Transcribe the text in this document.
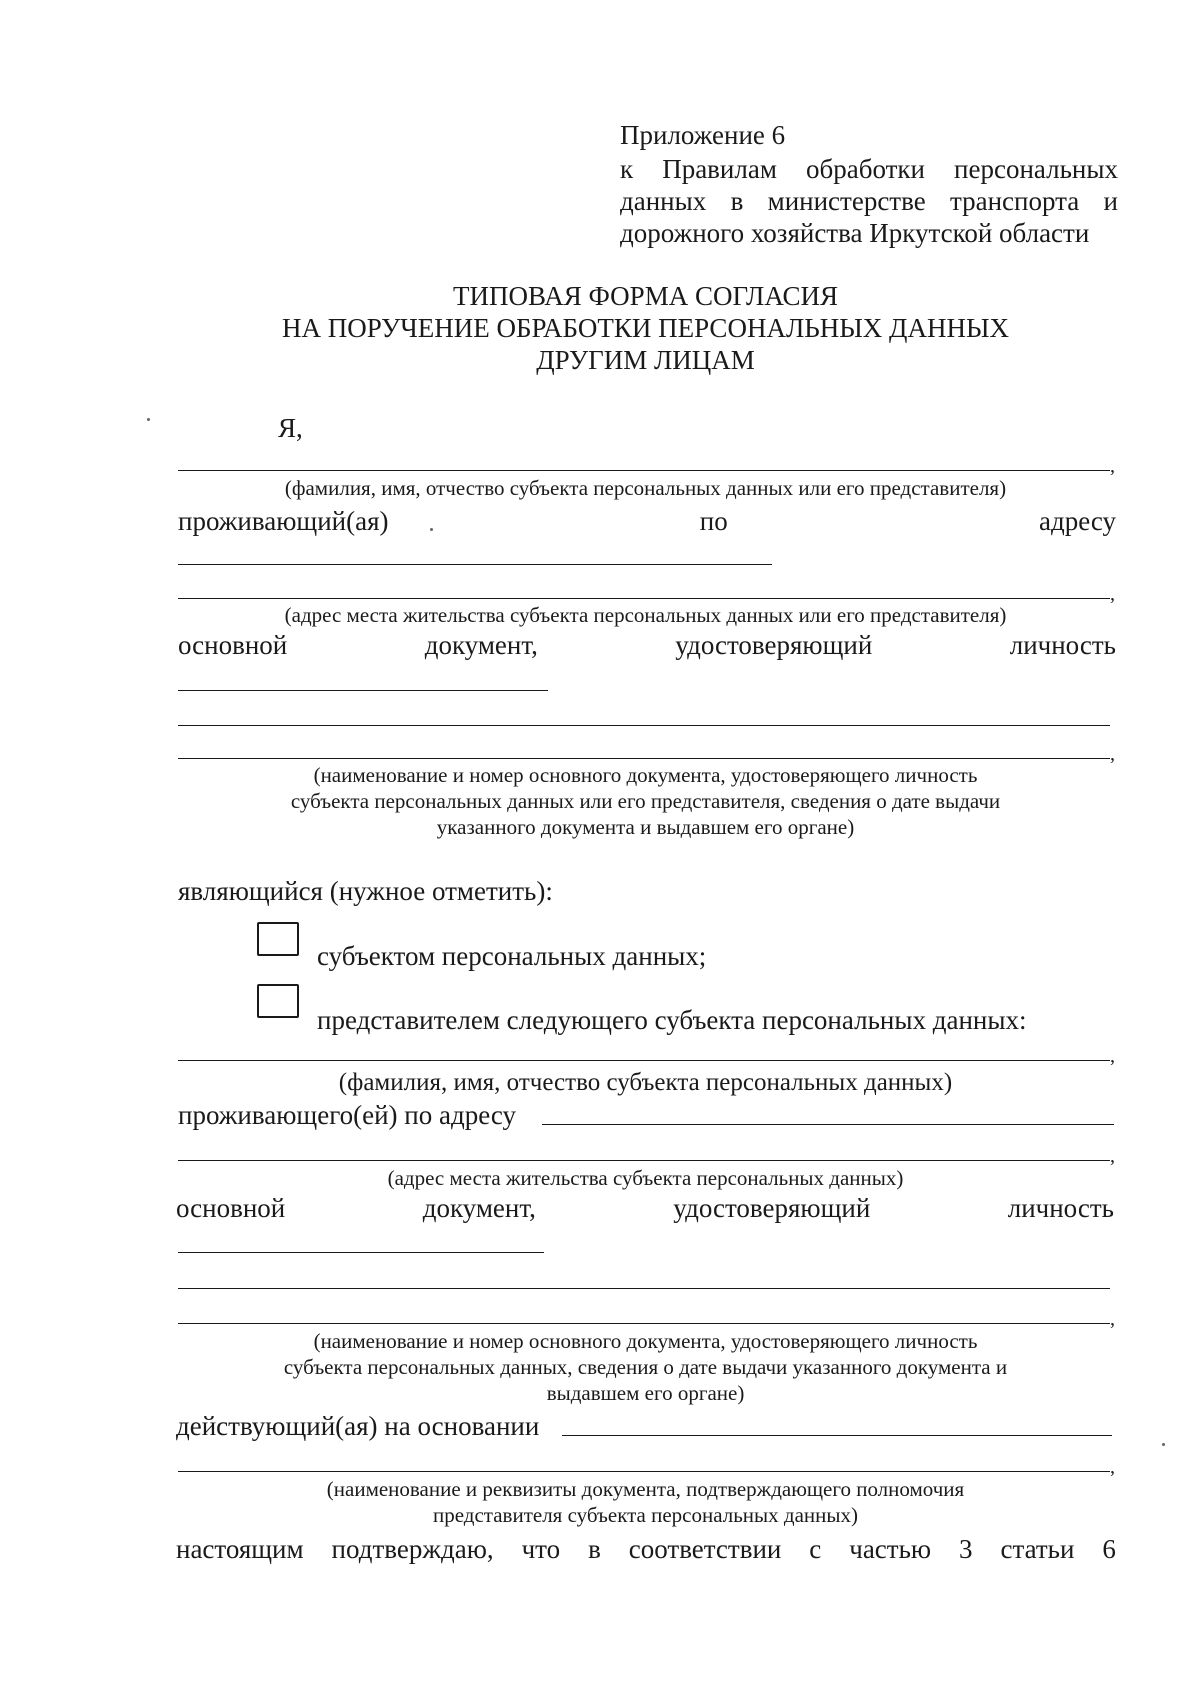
Приложение 6
к Правилам обработки персональных
данных в министерстве транспорта и
дорожного хозяйства Иркутской области
ТИПОВАЯ ФОРМА СОГЛАСИЯ
НА ПОРУЧЕНИЕ ОБРАБОТКИ ПЕРСОНАЛЬНЫХ ДАННЫХ
ДРУГИМ ЛИЦАМ
Я,
,
(фамилия, имя, отчество субъекта персональных данных или его представителя)
проживающий(ая)	по	адресу
,
(адрес места жительства субъекта персональных данных или его представителя)
основной	документ,	удостоверяющий	личность
,
(наименование и номер основного документа, удостоверяющего личность
субъекта персональных данных или его представителя, сведения о дате выдачи
указанного документа и выдавшем его органе)
являющийся (нужное отметить):
субъектом персональных данных;
представителем следующего субъекта персональных данных:
,
(фамилия, имя, отчество субъекта персональных данных)
проживающего(ей) по адресу
,
(адрес места жительства субъекта персональных данных)
основной	документ,	удостоверяющий	личность
,
(наименование и номер основного документа, удостоверяющего личность
субъекта персональных данных, сведения о дате выдачи указанного документа и
выдавшем его органе)
действующий(ая) на основании
,
(наименование и реквизиты документа, подтверждающего полномочия
представителя субъекта персональных данных)
настоящим подтверждаю, что в соответствии с частью 3 статьи 6
